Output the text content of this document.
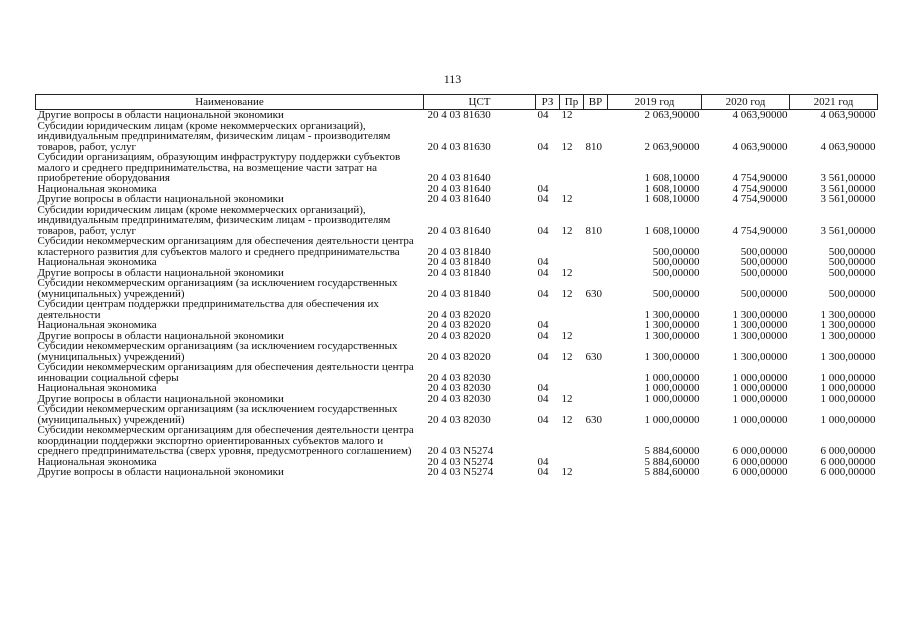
113
Наименование	ЦСТ	РЗ	Пр	ВР	2019 год	2020 год	2021 год
Другие вопросы в области национальной экономики	20 4 03 81630	04	12		2 063,90000	4 063,90000	4 063,90000
Субсидии юридическим лицам (кроме некоммерческих организаций), индивидуальным предпринимателям, физическим лицам - производителям товаров, работ, услуг	20 4 03 81630	04	12	810	2 063,90000	4 063,90000	4 063,90000
Субсидии организациям, образующим инфраструктуру поддержки субъектов малого и среднего предпринимательства, на возмещение части затрат на приобретение оборудования	20 4 03 81640				1 608,10000	4 754,90000	3 561,00000
Национальная экономика	20 4 03 81640	04			1 608,10000	4 754,90000	3 561,00000
Другие вопросы в области национальной экономики	20 4 03 81640	04	12		1 608,10000	4 754,90000	3 561,00000
Субсидии юридическим лицам (кроме некоммерческих организаций), индивидуальным предпринимателям, физическим лицам - производителям товаров, работ, услуг	20 4 03 81640	04	12	810	1 608,10000	4 754,90000	3 561,00000
Субсидии некоммерческим организациям для обеспечения деятельности центра кластерного развития для субъектов малого и среднего предпринимательства	20 4 03 81840				500,00000	500,00000	500,00000
Национальная экономика	20 4 03 81840	04			500,00000	500,00000	500,00000
Другие вопросы в области национальной экономики	20 4 03 81840	04	12		500,00000	500,00000	500,00000
Субсидии некоммерческим организациям (за исключением государственных (муниципальных) учреждений)	20 4 03 81840	04	12	630	500,00000	500,00000	500,00000
Субсидии центрам поддержки предпринимательства для обеспечения их деятельности	20 4 03 82020				1 300,00000	1 300,00000	1 300,00000
Национальная экономика	20 4 03 82020	04			1 300,00000	1 300,00000	1 300,00000
Другие вопросы в области национальной экономики	20 4 03 82020	04	12		1 300,00000	1 300,00000	1 300,00000
Субсидии некоммерческим организациям (за исключением государственных (муниципальных) учреждений)	20 4 03 82020	04	12	630	1 300,00000	1 300,00000	1 300,00000
Субсидии некоммерческим организациям для обеспечения деятельности центра инновации социальной сферы	20 4 03 82030				1 000,00000	1 000,00000	1 000,00000
Национальная экономика	20 4 03 82030	04			1 000,00000	1 000,00000	1 000,00000
Другие вопросы в области национальной экономики	20 4 03 82030	04	12		1 000,00000	1 000,00000	1 000,00000
Субсидии некоммерческим организациям (за исключением государственных (муниципальных) учреждений)	20 4 03 82030	04	12	630	1 000,00000	1 000,00000	1 000,00000
Субсидии некоммерческим организациям для обеспечения деятельности центра координации поддержки экспортно ориентированных субъектов малого и среднего предпринимательства (сверх уровня, предусмотренного соглашением)	20 4 03 N5274				5 884,60000	6 000,00000	6 000,00000
Национальная экономика	20 4 03 N5274	04			5 884,60000	6 000,00000	6 000,00000
Другие вопросы в области национальной экономики	20 4 03 N5274	04	12		5 884,60000	6 000,00000	6 000,00000
